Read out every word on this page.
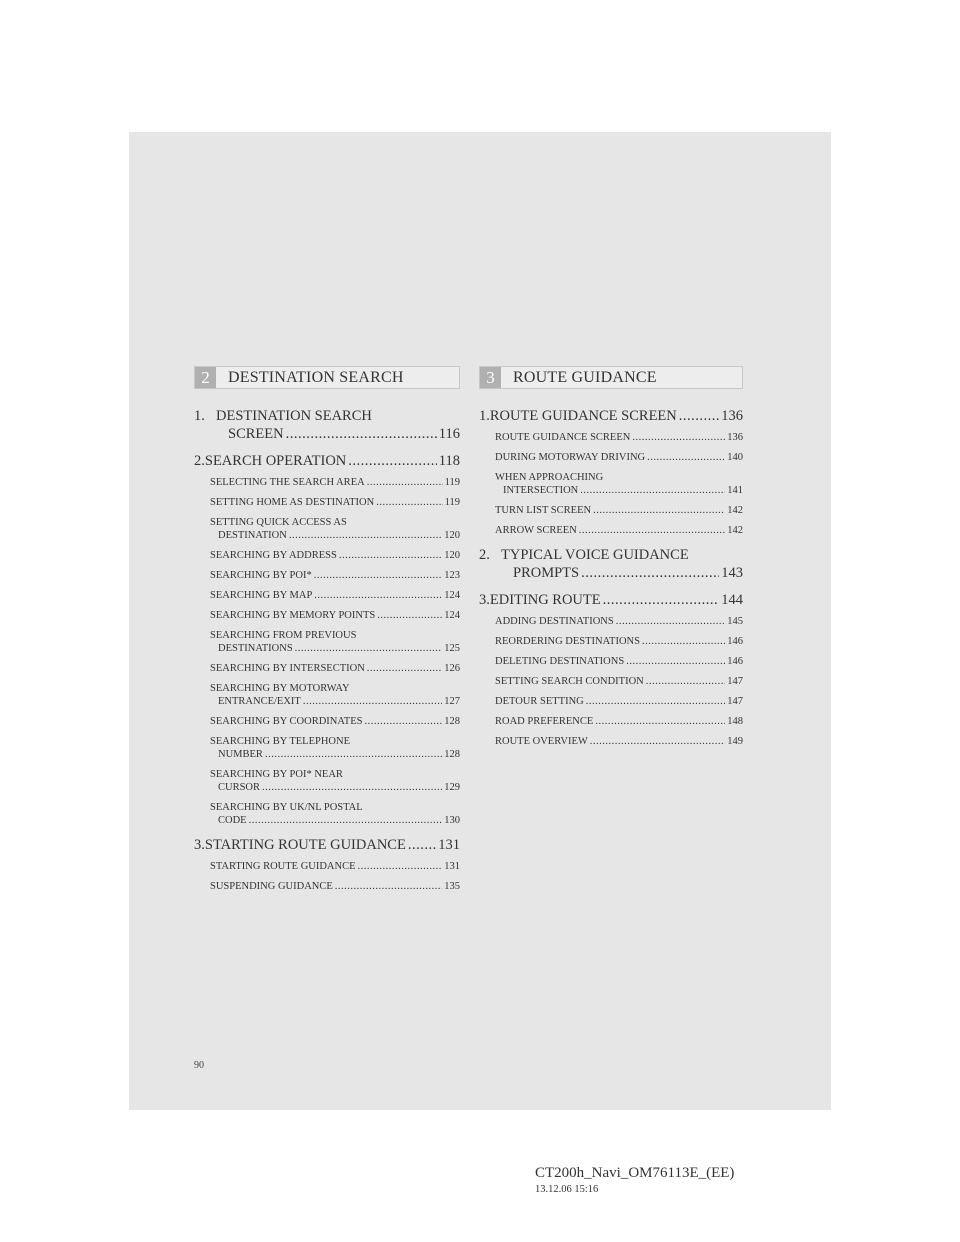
2	DESTINATION SEARCH
1. DESTINATION SEARCH
SCREEN .....	116
2. SEARCH OPERATION .....	118
SELECTING THE SEARCH AREA .....	119
SETTING HOME AS DESTINATION .....	119
SETTING QUICK ACCESS AS
DESTINATION .....	120
SEARCHING BY ADDRESS .....	120
SEARCHING BY POI* .....	123
SEARCHING BY MAP .....	124
SEARCHING BY MEMORY POINTS .....	124
SEARCHING FROM PREVIOUS
DESTINATIONS .....	125
SEARCHING BY INTERSECTION .....	126
SEARCHING BY MOTORWAY
ENTRANCE/EXIT .....	127
SEARCHING BY COORDINATES .....	128
SEARCHING BY TELEPHONE
NUMBER .....	128
SEARCHING BY POI* NEAR
CURSOR .....	129
SEARCHING BY UK/NL POSTAL
CODE .....	130
3. STARTING ROUTE GUIDANCE ..... 131
STARTING ROUTE GUIDANCE .....	131
SUSPENDING GUIDANCE .....	135
3	ROUTE GUIDANCE
1. ROUTE GUIDANCE SCREEN .....	136
ROUTE GUIDANCE SCREEN .....	136
DURING MOTORWAY DRIVING .....	140
WHEN APPROACHING
INTERSECTION .....	141
TURN LIST SCREEN .....	142
ARROW SCREEN .....	142
2. TYPICAL VOICE GUIDANCE
PROMPTS .....	143
3. EDITING ROUTE .....	144
ADDING DESTINATIONS .....	145
REORDERING DESTINATIONS .....	146
DELETING DESTINATIONS .....	146
SETTING SEARCH CONDITION .....	147
DETOUR SETTING .....	147
ROAD PREFERENCE .....	148
ROUTE OVERVIEW .....	149
90
CT200h_Navi_OM76113E_(EE)
13.12.06 15:16
